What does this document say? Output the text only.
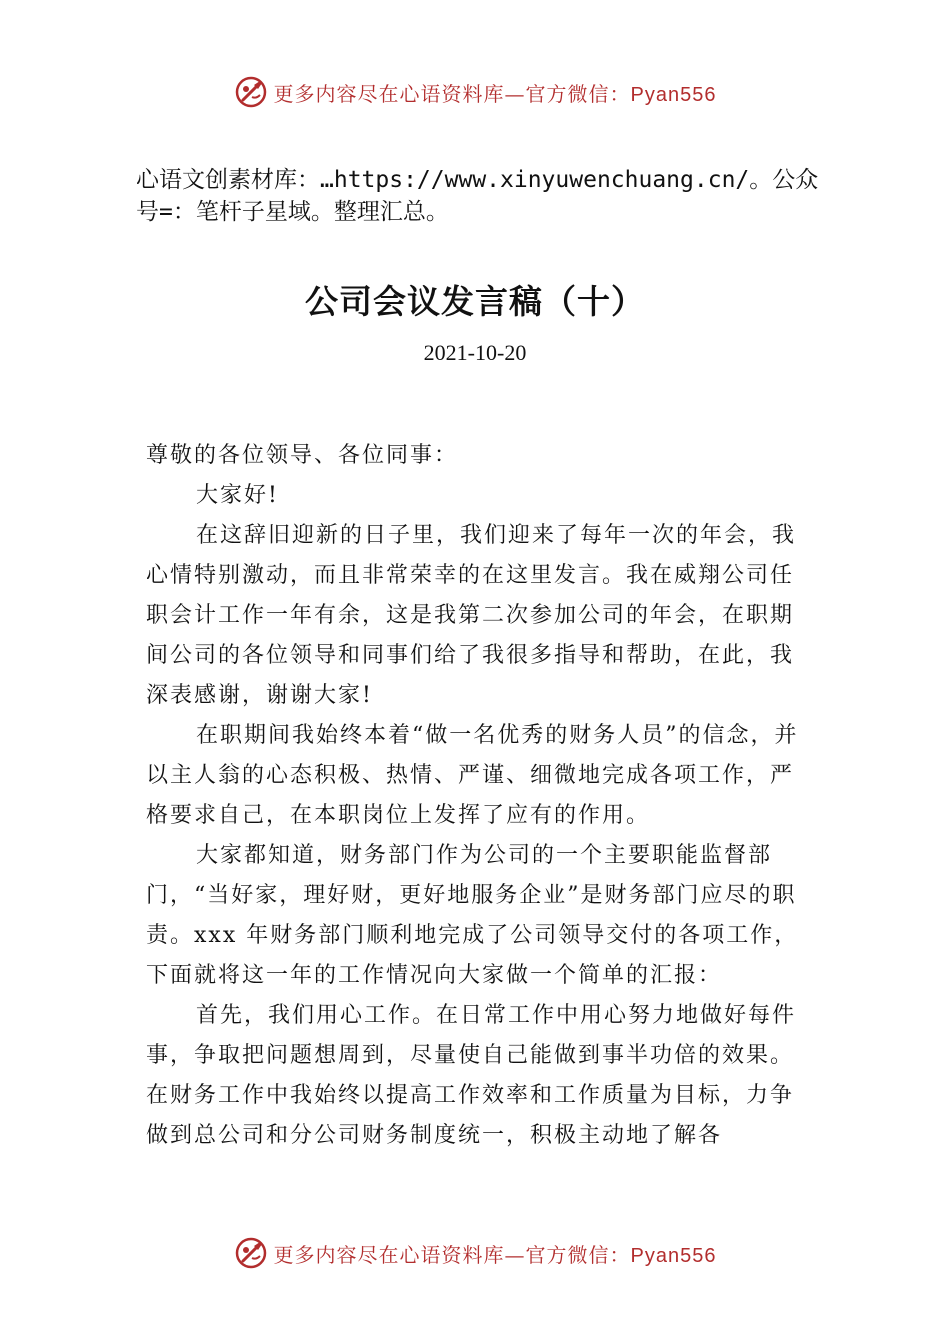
更多内容尽在心语资料库—官方微信：Pyan556
心语文创素材库：…https://www.xinyuwenchuang.cn/。公众号=：笔杆子星域。整理汇总。
公司会议发言稿（十）
2021-10-20

尊敬的各位领导、各位同事：

大家好!

在这辞旧迎新的日子里，我们迎来了每年一次的年会，我心情特别激动，而且非常荣幸的在这里发言。我在威翔公司任职会计工作一年有余，这是我第二次参加公司的年会，在职期间公司的各位领导和同事们给了我很多指导和帮助，在此，我深表感谢，谢谢大家!

在职期间我始终本着“做一名优秀的财务人员”的信念，并以主人翁的心态积极、热情、严谨、细微地完成各项工作，严格要求自己，在本职岗位上发挥了应有的作用。

大家都知道，财务部门作为公司的一个主要职能监督部门，“当好家，理好财，更好地服务企业”是财务部门应尽的职责。xxx 年财务部门顺利地完成了公司领导交付的各项工作，下面就将这一年的工作情况向大家做一个简单的汇报：

首先，我们用心工作。在日常工作中用心努力地做好每件事，争取把问题想周到，尽量使自己能做到事半功倍的效果。在财务工作中我始终以提高工作效率和工作质量为目标，力争做到总公司和分公司财务制度统一，积极主动地了解各

更多内容尽在心语资料库—官方微信：Pyan556
